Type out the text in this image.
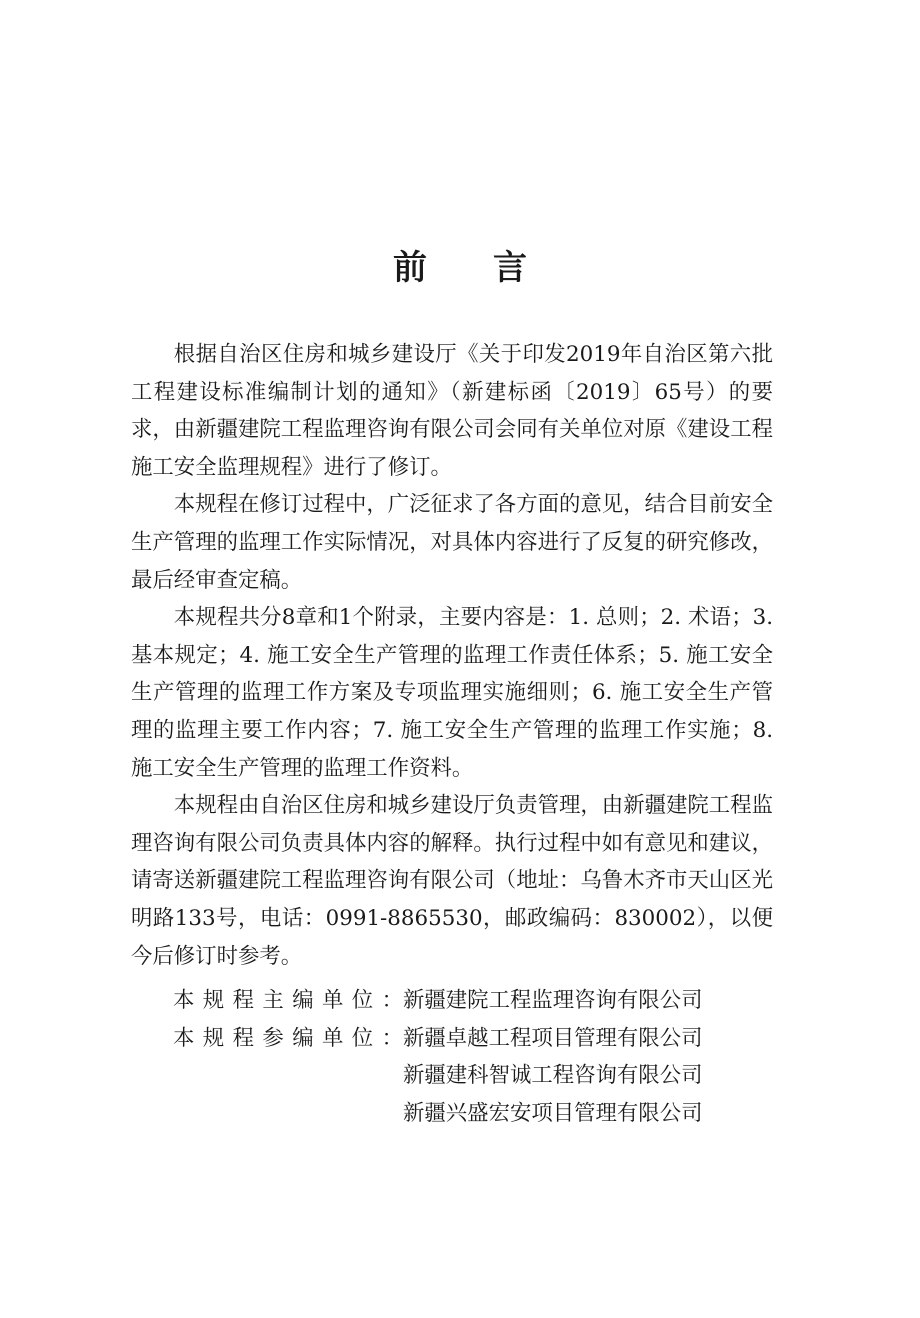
前言

根据自治区住房和城乡建设厅《关于印发2019年自治区第六批工程建设标准编制计划的通知》（新建标函〔2019〕65号）的要求，由新疆建院工程监理咨询有限公司会同有关单位对原《建设工程施工安全监理规程》进行了修订。

本规程在修订过程中，广泛征求了各方面的意见，结合目前安全生产管理的监理工作实际情况，对具体内容进行了反复的研究修改，最后经审查定稿。

本规程共分8章和1个附录，主要内容是：1. 总则；2. 术语；3. 基本规定；4. 施工安全生产管理的监理工作责任体系；5. 施工安全生产管理的监理工作方案及专项监理实施细则；6. 施工安全生产管理的监理主要工作内容；7. 施工安全生产管理的监理工作实施；8. 施工安全生产管理的监理工作资料。

本规程由自治区住房和城乡建设厅负责管理，由新疆建院工程监理咨询有限公司负责具体内容的解释。执行过程中如有意见和建议，请寄送新疆建院工程监理咨询有限公司（地址：乌鲁木齐市天山区光明路133号，电话：0991-8865530，邮政编码：830002），以便今后修订时参考。

本规程主编单位： 新疆建院工程监理咨询有限公司
本规程参编单位： 新疆卓越工程项目管理有限公司
新疆建科智诚工程咨询有限公司
新疆兴盛宏安项目管理有限公司
